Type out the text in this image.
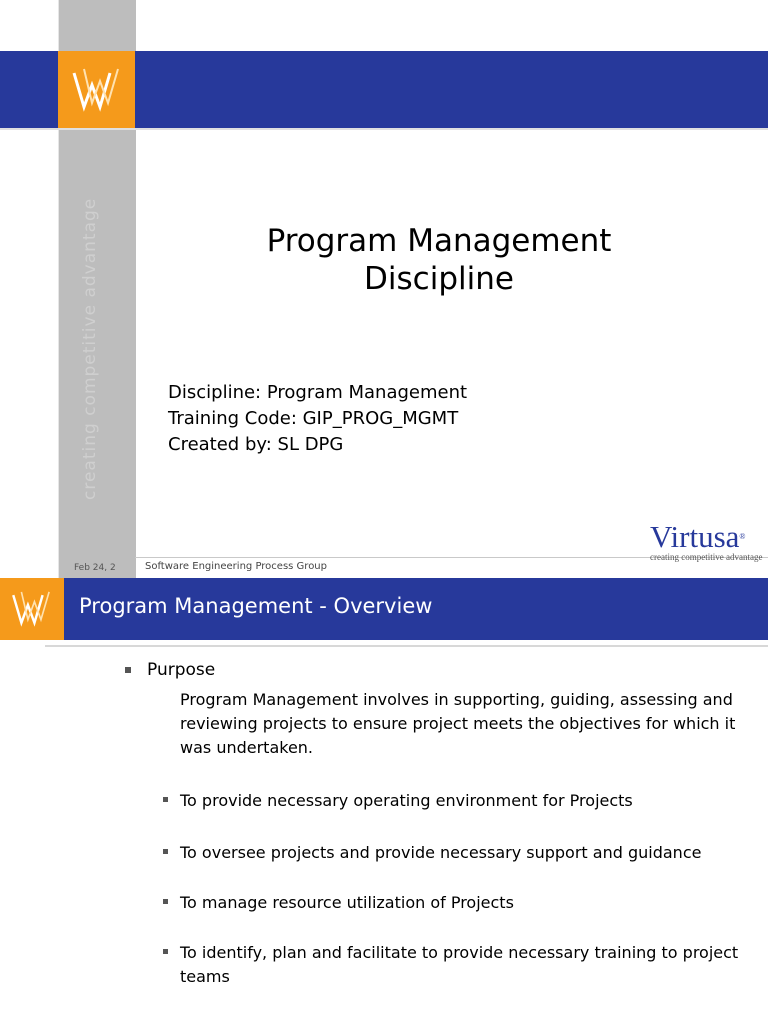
creating competitive advantage	Program Management
Discipline
Discipline: Program Management
Training Code: GIP_PROG_MGMT
Created by: SL DPG
Feb 24, 2	Software Engineering Process Group
Virtusa®
creating competitive advantage
Program Management - Overview
Purpose
Program Management involves in supporting, guiding, assessing and reviewing projects to ensure project meets the objectives for which it was undertaken.
To provide necessary operating environment for Projects
To oversee projects and provide necessary support and guidance
To manage resource utilization of Projects
To identify, plan and facilitate to provide necessary training to project teams
